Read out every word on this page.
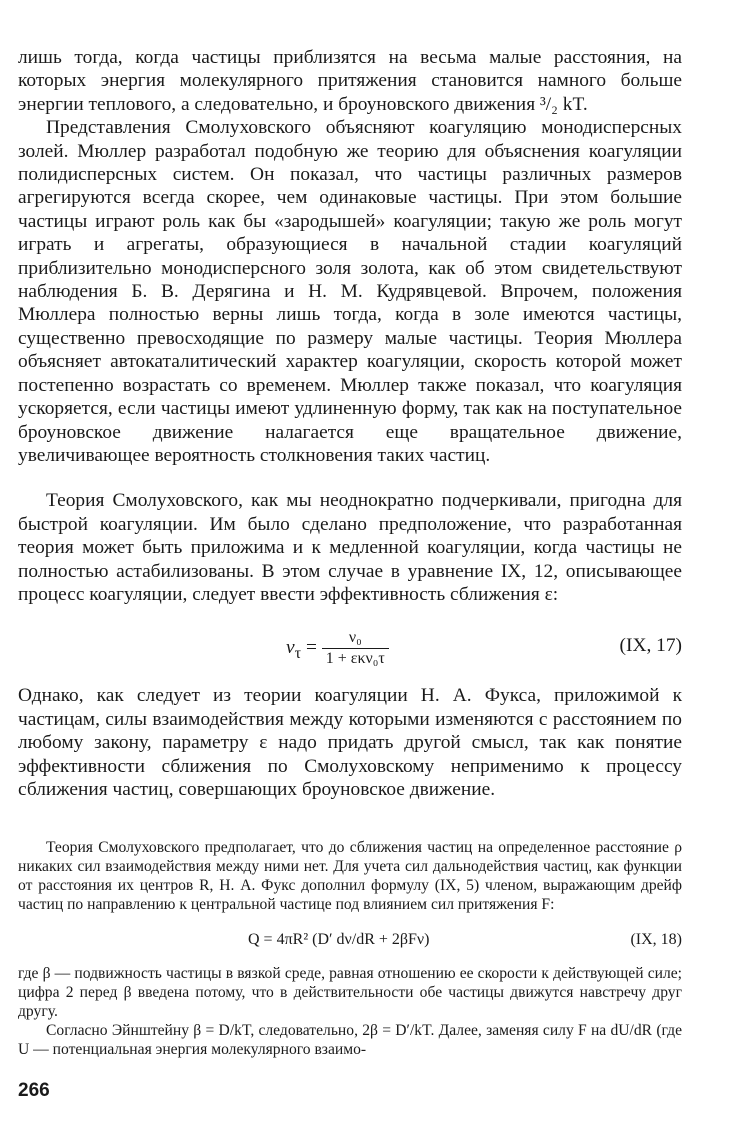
лишь тогда, когда частицы приблизятся на весьма малые расстояния, на которых энергия молекулярного притяжения становится намного больше энергии теплового, а следовательно, и броуновского движения ³/₂ kT.

Представления Смолуховского объясняют коагуляцию монодисперсных золей. Мюллер разработал подобную же теорию для объяснения коагуляции полидисперсных систем. Он показал, что частицы различных размеров агрегируются всегда скорее, чем одинаковые частицы. При этом большие частицы играют роль как бы «зародышей» коагуляции; такую же роль могут играть и агрегаты, образующиеся в начальной стадии коагуляций приблизительно монодисперсного золя золота, как об этом свидетельствуют наблюдения Б. В. Дерягина и Н. М. Кудрявцевой. Впрочем, положения Мюллера полностью верны лишь тогда, когда в золе имеются частицы, существенно превосходящие по размеру малые частицы. Теория Мюллера объясняет автокаталитический характер коагуляции, скорость которой может постепенно возрастать со временем. Мюллер также показал, что коагуляция ускоряется, если частицы имеют удлиненную форму, так как на поступательное броуновское движение налагается еще вращательное движение, увеличивающее вероятность столкновения таких частиц.

Теория Смолуховского, как мы неоднократно подчеркивали, пригодна для быстрой коагуляции. Им было сделано предположение, что разработанная теория может быть приложима и к медленной коагуляции, когда частицы не полностью астабилизованы. В этом случае в уравнение IX, 12, описывающее процесс коагуляции, следует ввести эффективность сближения ε:

$\nu_\tau = \frac{\text{ν₀}}{\text{1 + εκν₀τ}}$	(IX, 17)

Однако, как следует из теории коагуляции Н. А. Фукса, приложимой к частицам, силы взаимодействия между которыми изменяются с расстоянием по любому закону, параметру ε надо придать другой смысл, так как понятие эффективности сближения по Смолуховскому неприменимо к процессу сближения частиц, совершающих броуновское движение.

Теория Смолуховского предполагает, что до сближения частиц на определенное расстояние ρ никаких сил взаимодействия между ними нет. Для учета сил дальнодействия частиц, как функции от расстояния их центров R, Н. А. Фукс дополнил формулу (IX, 5) членом, выражающим дрейф частиц по направлению к центральной частице под влиянием сил притяжения F:

Q = 4πR² (D′ dν/dR + 2βFν)	(IX, 18)

где β — подвижность частицы в вязкой среде, равная отношению ее скорости к действующей силе; цифра 2 перед β введена потому, что в действительности обе частицы движутся навстречу друг другу.

Согласно Эйнштейну β = D/kT, следовательно, 2β = D′/kT. Далее, заменяя силу F на dU/dR (где U — потенциальная энергия молекулярного взаимо-

266
